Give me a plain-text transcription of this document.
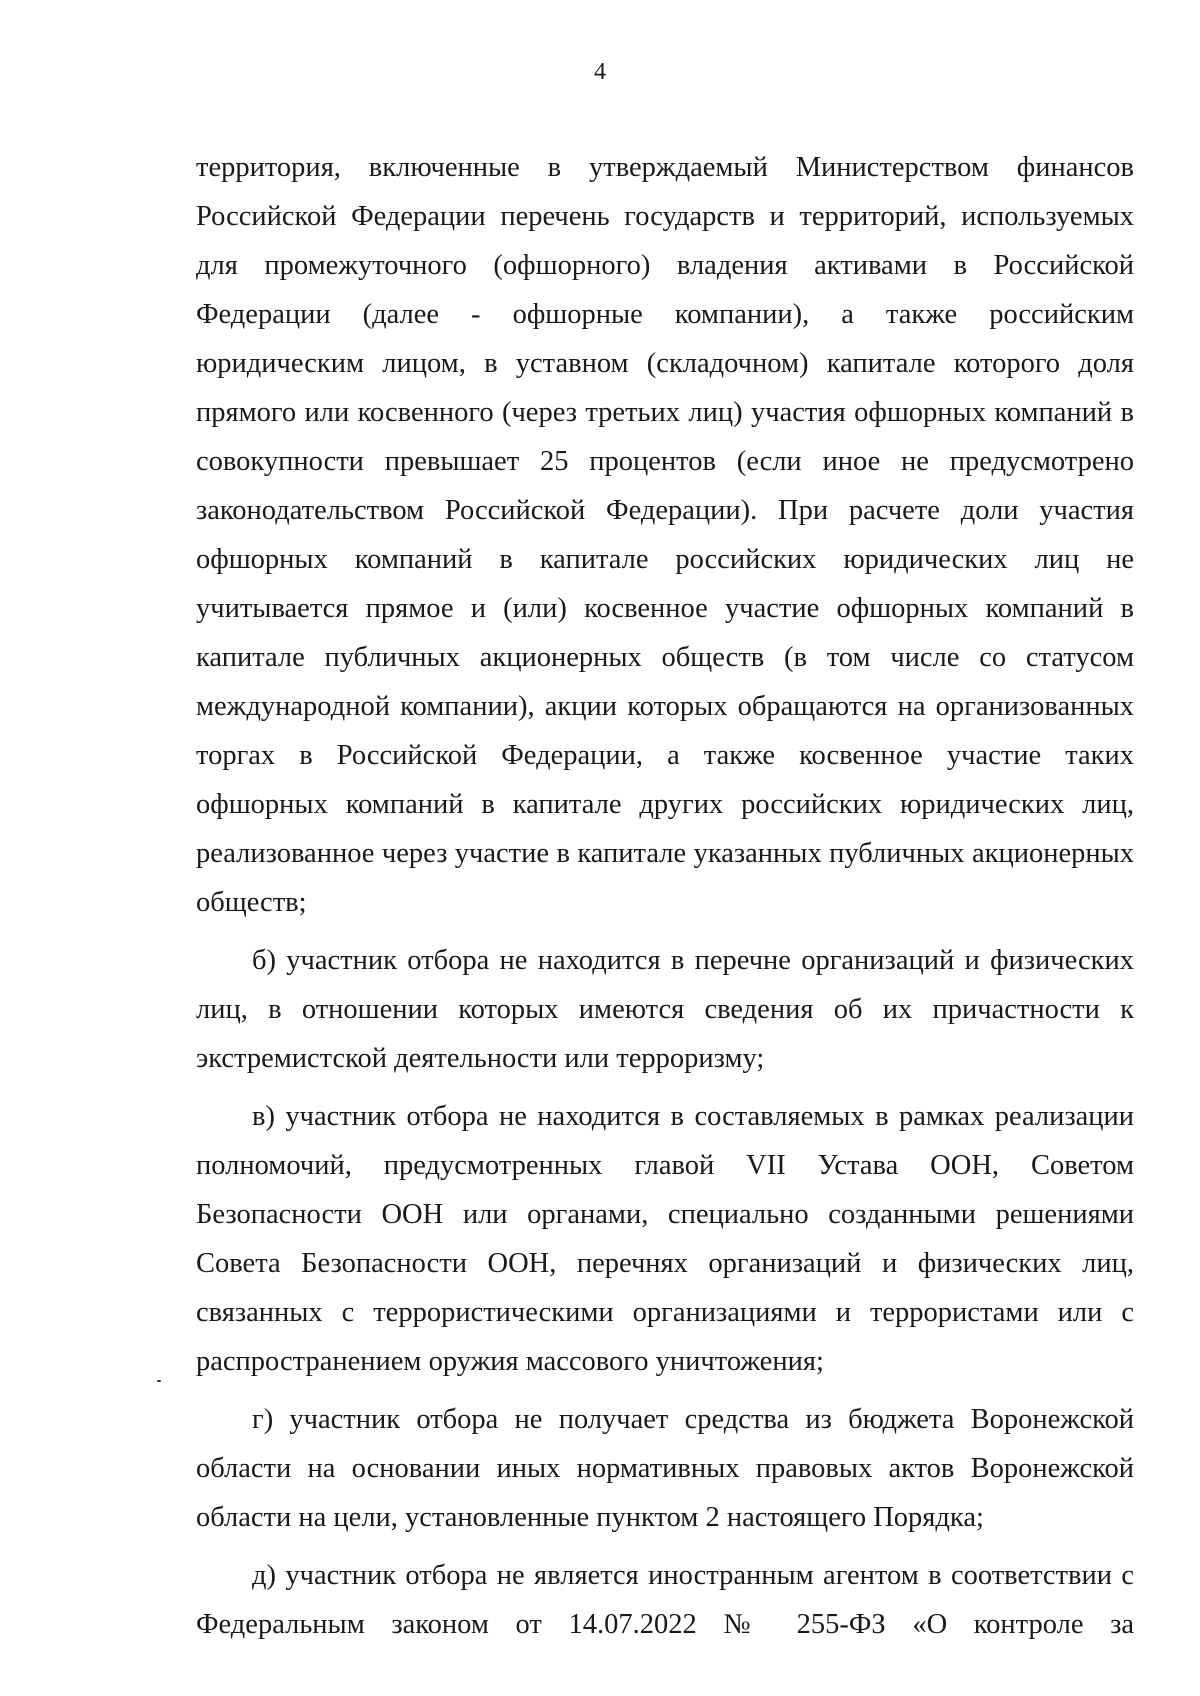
4

территория, включенные в утверждаемый Министерством финансов Российской Федерации перечень государств и территорий, используемых для промежуточного (офшорного) владения активами в Российской Федерации (далее - офшорные компании), а также российским юридическим лицом, в уставном (складочном) капитале которого доля прямого или косвенного (через третьих лиц) участия офшорных компаний в совокупности превышает 25 процентов (если иное не предусмотрено законодательством Российской Федерации). При расчете доли участия офшорных компаний в капитале российских юридических лиц не учитывается прямое и (или) косвенное участие офшорных компаний в капитале публичных акционерных обществ (в том числе со статусом международной компании), акции которых обращаются на организованных торгах в Российской Федерации, а также косвенное участие таких офшорных компаний в капитале других российских юридических лиц, реализованное через участие в капитале указанных публичных акционерных обществ;

б) участник отбора не находится в перечне организаций и физических лиц, в отношении которых имеются сведения об их причастности к экстремистской деятельности или терроризму;

в) участник отбора не находится в составляемых в рамках реализации полномочий, предусмотренных главой VII Устава ООН, Советом Безопасности ООН или органами, специально созданными решениями Совета Безопасности ООН, перечнях организаций и физических лиц, связанных с террористическими организациями и террористами или с распространением оружия массового уничтожения;

г) участник отбора не получает средства из бюджета Воронежской области на основании иных нормативных правовых актов Воронежской области на цели, установленные пунктом 2 настоящего Порядка;

д) участник отбора не является иностранным агентом в соответствии с Федеральным законом от 14.07.2022 № 255-ФЗ «О контроле за
